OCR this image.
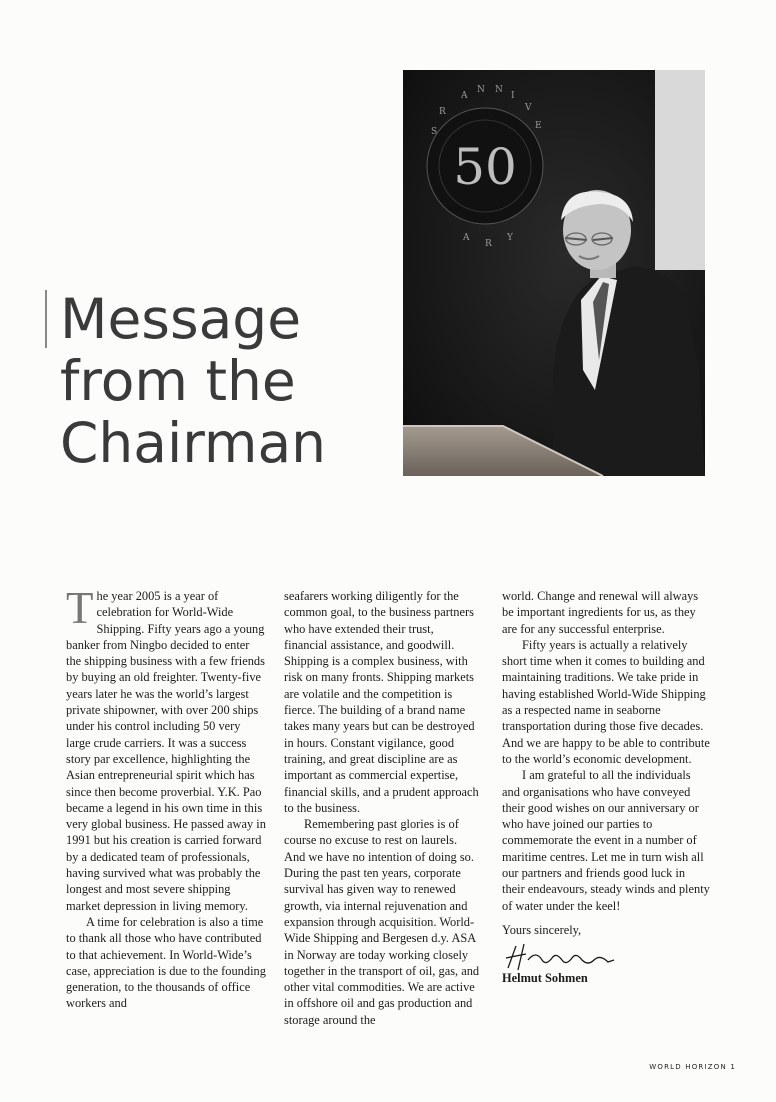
Message
from the
Chairman
50
A
N N
I
V
E
R
S
A
R
Y

The year 2005 is a year of celebration for World-Wide Shipping. Fifty years ago a young banker from Ningbo decided to enter the shipping business with a few friends by buying an old freighter. Twenty-five years later he was the world’s largest private shipowner, with over 200 ships under his control including 50 very large crude carriers. It was a success story par excellence, highlighting the Asian entrepreneurial spirit which has since then become proverbial. Y.K. Pao became a legend in his own time in this very global business. He passed away in 1991 but his creation is carried forward by a dedicated team of professionals, having survived what was probably the longest and most severe shipping market depression in living memory.

A time for celebration is also a time to thank all those who have contributed to that achievement. In World-Wide’s case, appreciation is due to the founding generation, to the thousands of office workers and

seafarers working diligently for the common goal, to the business partners who have extended their trust, financial assistance, and goodwill. Shipping is a complex business, with risk on many fronts. Shipping markets are volatile and the competition is fierce. The building of a brand name takes many years but can be destroyed in hours. Constant vigilance, good training, and great discipline are as important as commercial expertise, financial skills, and a prudent approach to the business.

Remembering past glories is of course no excuse to rest on laurels. And we have no intention of doing so. During the past ten years, corporate survival has given way to renewed growth, via internal rejuvenation and expansion through acquisition. World-Wide Shipping and Bergesen d.y. ASA in Norway are today working closely together in the transport of oil, gas, and other vital commodities. We are active in offshore oil and gas production and storage around the

world. Change and renewal will always be important ingredients for us, as they are for any successful enterprise.

Fifty years is actually a relatively short time when it comes to building and maintaining traditions. We take pride in having established World-Wide Shipping as a respected name in seaborne transportation during those five decades. And we are happy to be able to contribute to the world’s economic development.

I am grateful to all the individuals and organisations who have conveyed their good wishes on our anniversary or who have joined our parties to commemorate the event in a number of maritime centres. Let me in turn wish all our partners and friends good luck in their endeavours, steady winds and plenty of water under the keel!

Yours sincerely,

Helmut Sohmen

WORLD HORIZON 1
